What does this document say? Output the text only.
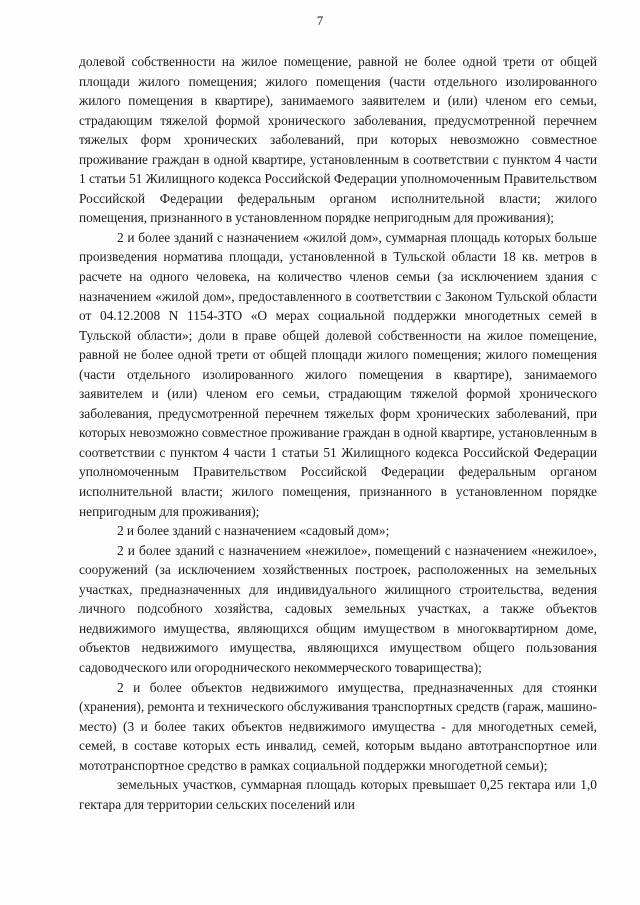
7

долевой собственности на жилое помещение, равной не более одной трети от общей площади жилого помещения; жилого помещения (части отдельного изолированного жилого помещения в квартире), занимаемого заявителем и (или) членом его семьи, страдающим тяжелой формой хронического заболевания, предусмотренной перечнем тяжелых форм хронических заболеваний, при которых невозможно совместное проживание граждан в одной квартире, установленным в соответствии с пунктом 4 части 1 статьи 51 Жилищного кодекса Российской Федерации уполномоченным Правительством Российской Федерации федеральным органом исполнительной власти; жилого помещения, признанного в установленном порядке непригодным для проживания);

2 и более зданий с назначением «жилой дом», суммарная площадь которых больше произведения норматива площади, установленной в Тульской области 18 кв. метров в расчете на одного человека, на количество членов семьи (за исключением здания с назначением «жилой дом», предоставленного в соответствии с Законом Тульской области от 04.12.2008 N 1154-ЗТО «О мерах социальной поддержки многодетных семей в Тульской области»; доли в праве общей долевой собственности на жилое помещение, равной не более одной трети от общей площади жилого помещения; жилого помещения (части отдельного изолированного жилого помещения в квартире), занимаемого заявителем и (или) членом его семьи, страдающим тяжелой формой хронического заболевания, предусмотренной перечнем тяжелых форм хронических заболеваний, при которых невозможно совместное проживание граждан в одной квартире, установленным в соответствии с пунктом 4 части 1 статьи 51 Жилищного кодекса Российской Федерации уполномоченным Правительством Российской Федерации федеральным органом исполнительной власти; жилого помещения, признанного в установленном порядке непригодным для проживания);

2 и более зданий с назначением «садовый дом»;

2 и более зданий с назначением «нежилое», помещений с назначением «нежилое», сооружений (за исключением хозяйственных построек, расположенных на земельных участках, предназначенных для индивидуального жилищного строительства, ведения личного подсобного хозяйства, садовых земельных участках, а также объектов недвижимого имущества, являющихся общим имуществом в многоквартирном доме, объектов недвижимого имущества, являющихся имуществом общего пользования садоводческого или огороднического некоммерческого товарищества);

2 и более объектов недвижимого имущества, предназначенных для стоянки (хранения), ремонта и технического обслуживания транспортных средств (гараж, машино-место) (3 и более таких объектов недвижимого имущества - для многодетных семей, семей, в составе которых есть инвалид, семей, которым выдано автотранспортное или мототранспортное средство в рамках социальной поддержки многодетной семьи);

земельных участков, суммарная площадь которых превышает 0,25 гектара или 1,0 гектара для территории сельских поселений или
